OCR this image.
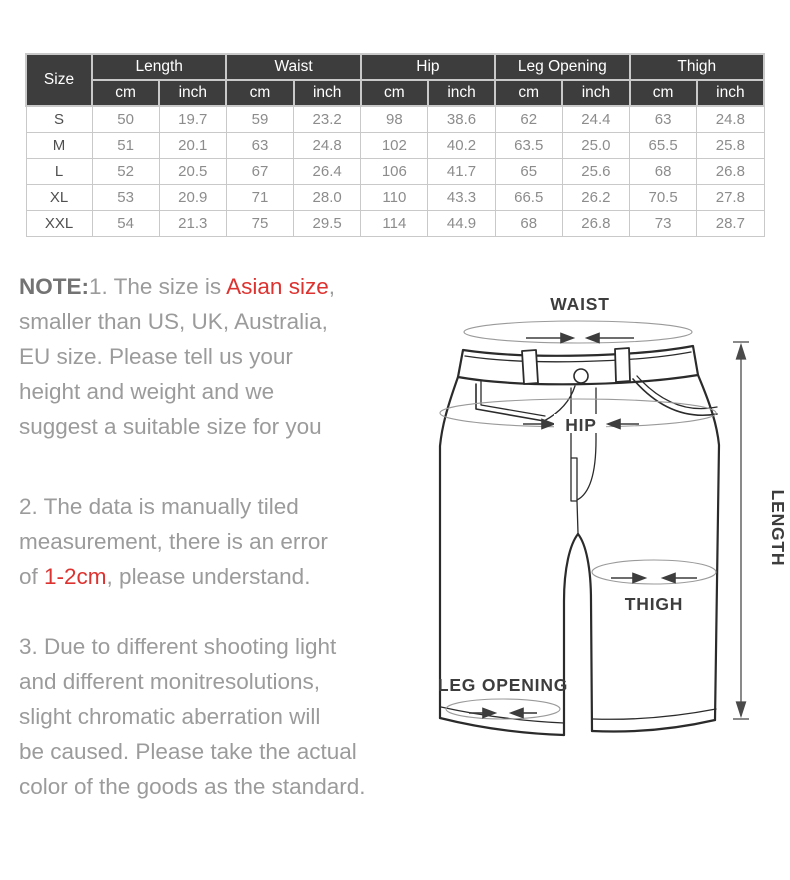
Size	Length		Waist		Hip		Leg Opening		Thigh	
	cm	inch	cm	inch	cm	inch	cm	inch	cm	inch
S	50	19.7	59	23.2	98	38.6	62	24.4	63	24.8
M	51	20.1	63	24.8	102	40.2	63.5	25.0	65.5	25.8
L	52	20.5	67	26.4	106	41.7	65	25.6	68	26.8
XL	53	20.9	71	28.0	110	43.3	66.5	26.2	70.5	27.8
XXL	54	21.3	75	29.5	114	44.9	68	26.8	73	28.7
NOTE:1. The size is Asian size,
smaller than US, UK, Australia,
EU size. Please tell us your
height and weight and we
suggest a suitable size for you
2. The data is manually tiled
measurement, there is an error
of 1-2cm, please understand.
3. Due to different shooting light
and different monitresolutions,
slight chromatic aberration will
be caused. Please take the actual
color of the goods as the standard.
WAIST
HIP
THIGH
LEG OPENING
LENGTH
